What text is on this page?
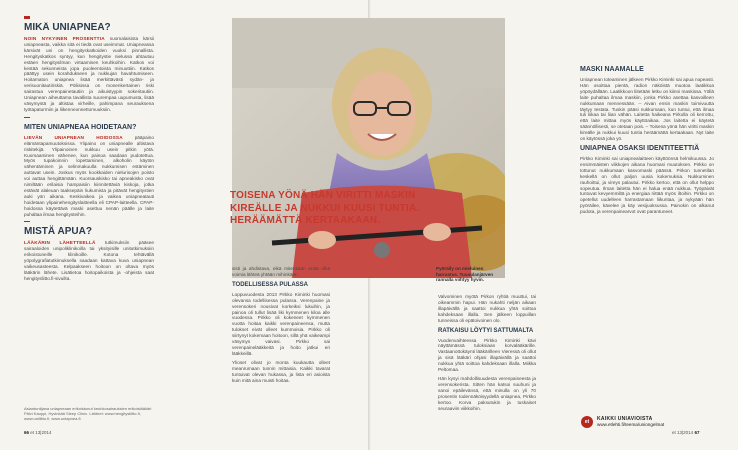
MIKÄ UNIAPNEA?

NOIN NYKYINEN PROSENTTIA suomalaisista kärsii uniapneasta, vaikka sitä ei tiedä ovat useimmat. Uniapneassa kärsivät uni on hengityskatkoiden vuoksi pinnallista. Hengityskatkos syntyy, kun hengitystie nielussa ahtautuu estäen hengitysilman virtaamisen keuhkoihin. Katkos voi kestää sekunneista jopa puoleentoista minuuttiin. Katkos päättyy usein korahdukseen ja nukkujan havahtumiseen. Hoitamaton uniapnea lisää merkittävästi sydän- ja verisuonitautiriskiä. Pöliisissa on monenkertainen riski sairastua verenpainetautiin ja aikuistyypin sokeritautiin. Uniapnean aiheuttama tavallista suurempaa uupumusta, lisää väsymystä ja altistaa virheille, pahimpana seurauksena työtapaturmiin ja liikenneonnettomuuksiin.

MITEN UNIAPNEAA HOIDETAAN?

LIEVÄN UNIAPNEAN HOIDOSSA	pääpaino elämäntapamuutoksissa. Ylipaino on uniapnealle altistava riskitekijä. Ylipainoinen nukkuu usein pitkin yötä. Kuorsaaminen vähenee, kun painoa saadaan pudotettua. Myös tupakoinnin lopettaminen, alkoholin käytön vähentäminen ja selinmakuulla nukkumisen estäminen auttavat usein. Joskus myös kookkaiden nielurisojen poisto voi auttaa hengittämään. Kuorsauskisko tai apneakisko ovat nimiltään erilaisia hampaisiin kiinnitettäviä kiskoja, jotka estävät alaleuan taaksepäin liukumista ja pitävät hengitystien auki yön aikana. Keskivaikea ja vaikea uniapneatauti hoidetaan ylipainehengityslaitteella eli CPAP-laitteella. CPAP-hoidossa käytettävä maski asettuu nenän päälle ja laite puhaltaa ilmaa hengitysteihin.

MISTÄ APUA?

LÄÄKÄRIN LÄHETTEELLÄ tutkimuksiin pääsee sairaaloiden unipoliklinikoilla tai yksityisille unitutkimuksiin erikoistuneille klinikoille. Kotona tehtävällä yöpolygrafiatutkimuksella saadaan kattava kuva uniapnean vaikeusasteesta. Kelpaakseen hoitoon on oltava myös lääkärin lähete. Lisätietoa hoitopaikoista ja -ohjeista saat hengitysliitto.fi-sivuilta.

Asiantuntijana uniapneaan erikoistunut keuhkosairauksien erikoislääkäri Päivi Kauppi, Hyvinkää Sleep Clinic. Lähteet: www.hengitysliitto.fi, www.uniliitto.fi, www.uniapnea.fi
66 et 13|2014
TOISENA YÖNÄ HÄN VIRITTI MASKIN KIREÄLLE JA NUKKUI KUUSI TUNTIA. HERÄÄMÄTTÄ KERTAAKAAN.

sisti ja ahdistava, eikä mitenkään enää ollut voimia lähteä yhtään mihinkään.

TODELLISESSA PULASSA

Loppuvuodesta 2013 Pirkko Kiminki huomasi olevansa todellisessa pulassa. Verenpaine ja verensokeri nousivat korkeiksi lukuihin, ja painoa oli tullut lisää liki kymmenen kiloa alle vuodessa. Pirkko oli kokeneet kymmenen vuotta hoitaa kaikki verenpaineensa, mutta tulokset eivät olleet kummoisia. Pirkko oli siirtynyt kokemaan hoitoon, sillä yhä vaikeampi väsymys vaivasi. Pirkko sai verenpainelääkkeitä ja hoito jatkui eri lääkkeillä.

Ylioset olivat jo monta kuukautta olleet meanrumaan tunnin mittaisia. Kaikki tavarat tuntuivat olevan hukassa, ja lista eri asioista kuin mitä aina muisti hoitaa.

Pyöräily on mieluinen harrastus. Tuusulanjärven rannalla viihtyy hyvin.

Valvominen myötä Pirkon ryhtiä muuttui, tai oikeammin hapui. Hän nukahti neljän aikaan illapäivällä ja saattoi nukkua yhtä soittoa kahdeksaan illalla. Sen jälkeen loppuillan tunneissa oli epätoivoinen olo.

RATKAISU LÖYTYI SATTUMALTA

Vuodenvaihteessa Pirkko Kiminki kävi näyttämässä tuloksiaan korvalääkärille. Vastaanottokäynti lääkärilleen Vieressä oli ollut ja sisä lääkäri ohjasi illapäivällä ja saattoi nukkua yhtä soittoa kahdeksaan illalla. Miikka Peltomaa.

Hän kysyi mahdollisuudesta verenpaineesta ja verensokerista. Sitten hän katsoi suuhuni ja sanoi epäilevänsä, että minulla on yli 70 prosentin todennäköisyydellä uniapnea, Pirkko kertoo. Korva paksutukin ja tuskaiset seuraaviin viikkoihin.

MASKI NAAMALLE

Uniapnean toteaminen jälkeen Pirkko Kiminki sai apua nopeasti. Hän osoittaa pientä, radion näköistä muotoa laatikkoa yöpöydällään. Laatikkoon liitetään letku on kiinni maskissa. Yöllä laite puhaltaa ilmaa maskiin, jonka Pirkko asettaa kasvoilleen nukkumaan mennessään. – Aivan ensin maskin toimivuutta täytyy testata. Tuskin pääsi nukkumaan, kun tuntui, että ilmaa tuli liikaa tai liian vähän. Laitetta haikeana Pirkolla oli kerrottu, että laite mittaa myös käyttöaikaa. Jos laitetta ei käytetä säännöllisesti, se otetaan pois. – Toisena yönä hän viritti maskin kireälle ja nukkui kuusi tuntia heräämättä kertaakaan. Nyt laite on käytössä joka yö.

UNIAPNEA OSAKSI IDENTITEETTIÄ

Pirkko Kiminki sai uniapnealaitteen käyttöönsä helmikuussa. Jo ensimmäisten viikkojen aikana huomasi muutoksen. Pirkko on tottunut nukkumaan kasvomaski päässä. Pirkon tunnetilan keskellä on ollut paljon uusia kokemuksia. Nukkuminen rauhoittui, ja vireys palautui. Pirkko kertoo, että on ollut helppo sopeutua. Ilman laitetta hän ei halua enää nukkua. Työpäivät tuntuvat kevyemmiltä ja energiaa riittää myös iltoihin. Pirkko on opetellut uudelleen harrastamaan liikuntaa, ja nykyään hän pyöräilee, kävelee ja käy vesijuoksussa. Painokin on alkanut pudota, ja verenpainearvot ovat parantuneet.

et	KAIKKI UNIAVIOISTA
www.etlehti.fi/teema/uniongelmat
et 13|2014 67
